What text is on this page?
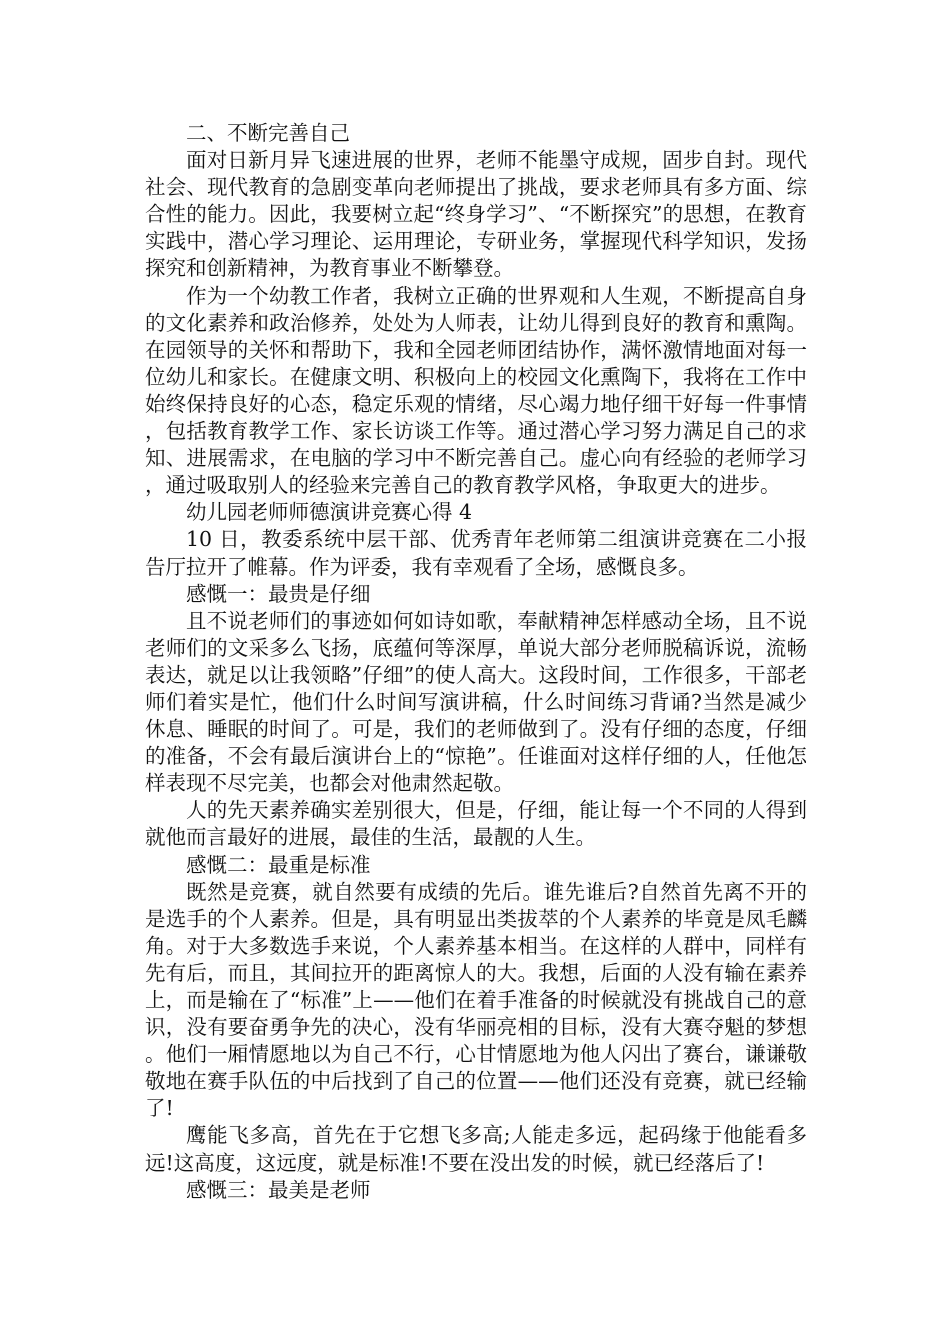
二、不断完善自己

面对日新月异飞速进展的世界，老师不能墨守成规，固步自封。现代社会、现代教育的急剧变革向老师提出了挑战，要求老师具有多方面、综合性的能力。因此，我要树立起“终身学习”、“不断探究”的思想，在教育实践中，潜心学习理论、运用理论，专研业务，掌握现代科学知识，发扬探究和创新精神，为教育事业不断攀登。

作为一个幼教工作者，我树立正确的世界观和人生观，不断提高自身的文化素养和政治修养，处处为人师表，让幼儿得到良好的教育和熏陶。在园领导的关怀和帮助下，我和全园老师团结协作，满怀激情地面对每一位幼儿和家长。在健康文明、积极向上的校园文化熏陶下，我将在工作中始终保持良好的心态，稳定乐观的情绪，尽心竭力地仔细干好每一件事情，包括教育教学工作、家长访谈工作等。通过潜心学习努力满足自己的求知、进展需求，在电脑的学习中不断完善自己。虚心向有经验的老师学习，通过吸取别人的经验来完善自己的教育教学风格，争取更大的进步。

幼儿园老师师德演讲竞赛心得 4

10 日，教委系统中层干部、优秀青年老师第二组演讲竞赛在二小报告厅拉开了帷幕。作为评委，我有幸观看了全场，感慨良多。

感慨一：最贵是仔细

且不说老师们的事迹如何如诗如歌，奉献精神怎样感动全场，且不说老师们的文采多么飞扬，底蕴何等深厚，单说大部分老师脱稿诉说，流畅表达，就足以让我领略”仔细”的使人高大。这段时间，工作很多，干部老师们着实是忙，他们什么时间写演讲稿，什么时间练习背诵?当然是减少休息、睡眠的时间了。可是，我们的老师做到了。没有仔细的态度，仔细的准备，不会有最后演讲台上的“惊艳”。任谁面对这样仔细的人，任他怎样表现不尽完美，也都会对他肃然起敬。

人的先天素养确实差别很大，但是，仔细，能让每一个不同的人得到就他而言最好的进展，最佳的生活，最靓的人生。

感慨二：最重是标准

既然是竞赛，就自然要有成绩的先后。谁先谁后?自然首先离不开的是选手的个人素养。但是，具有明显出类拔萃的个人素养的毕竟是凤毛麟角。对于大多数选手来说，个人素养基本相当。在这样的人群中，同样有先有后，而且，其间拉开的距离惊人的大。我想，后面的人没有输在素养上，而是输在了“标准”上——他们在着手准备的时候就没有挑战自己的意识，没有要奋勇争先的决心，没有华丽亮相的目标，没有大赛夺魁的梦想。他们一厢情愿地以为自己不行，心甘情愿地为他人闪出了赛台，谦谦敬敬地在赛手队伍的中后找到了自己的位置——他们还没有竞赛，就已经输了!

鹰能飞多高，首先在于它想飞多高;人能走多远，起码缘于他能看多远!这高度，这远度，就是标准!不要在没出发的时候，就已经落后了!

感慨三：最美是老师
